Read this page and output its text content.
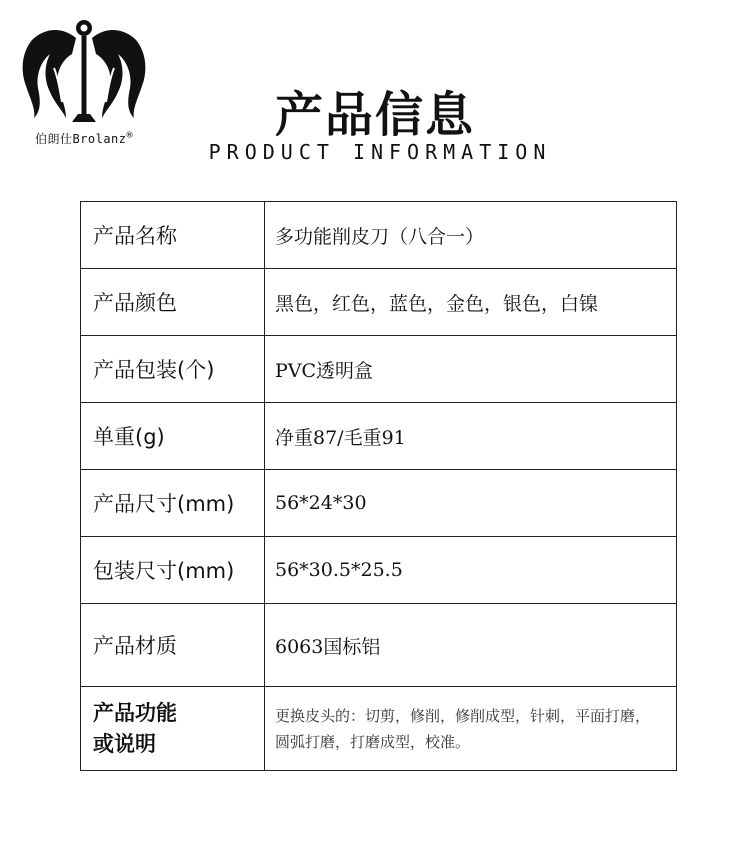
伯朗仕Brolanz®	产品信息
PRODUCT INFORMATION
产品名称	多功能削皮刀（八合一）
产品颜色	黑色，红色，蓝色，金色，银色，白镍
产品包装(个)	PVC透明盒
单重(g)	净重87/毛重91
产品尺寸(mm)	56*24*30
包装尺寸(mm)	56*30.5*25.5
产品材质	6063国标铝

产品功能
或说明	更换皮头的：切剪，修削，修削成型，针刺，平面打磨，圆弧打磨，打磨成型，校准。
